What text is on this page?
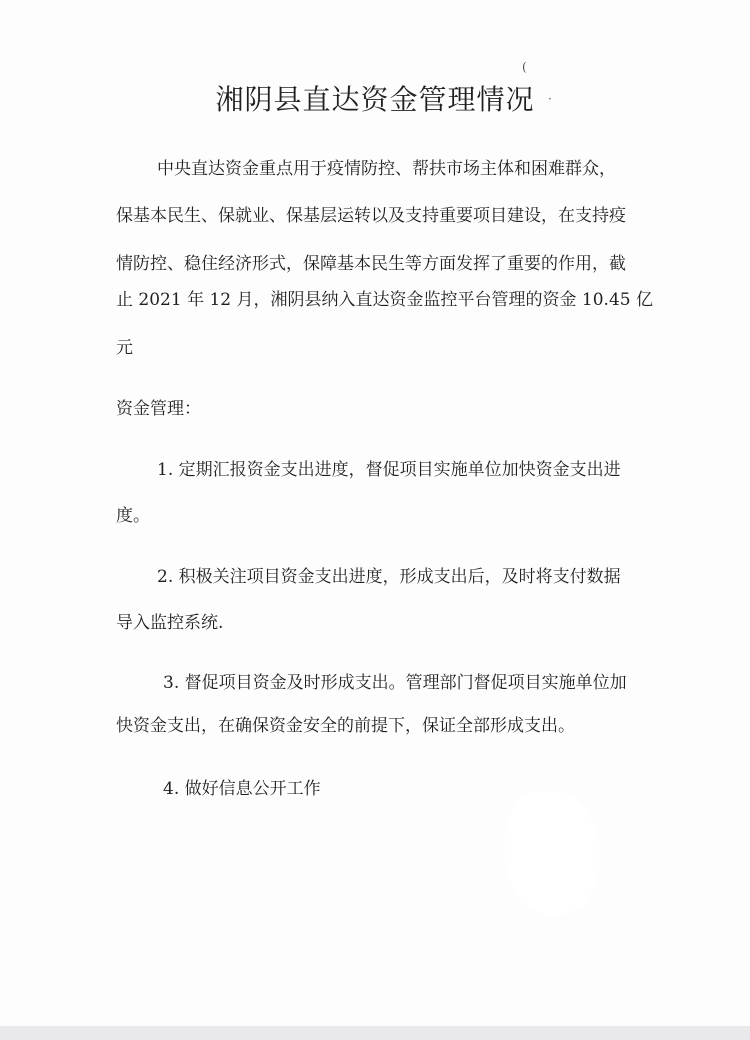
湘阴县直达资金管理情况
(
·

中央直达资金重点用于疫情防控、帮扶市场主体和困难群众，

保基本民生、保就业、保基层运转以及支持重要项目建设，在支持疫

情防控、稳住经济形式，保障基本民生等方面发挥了重要的作用，截

止 2021 年 12 月，湘阴县纳入直达资金监控平台管理的资金 10.45 亿

元

资金管理：

1. 定期汇报资金支出进度，督促项目实施单位加快资金支出进

度。

2. 积极关注项目资金支出进度，形成支出后，及时将支付数据

导入监控系统.

3. 督促项目资金及时形成支出。管理部门督促项目实施单位加

快资金支出，在确保资金安全的前提下，保证全部形成支出。

4. 做好信息公开工作
